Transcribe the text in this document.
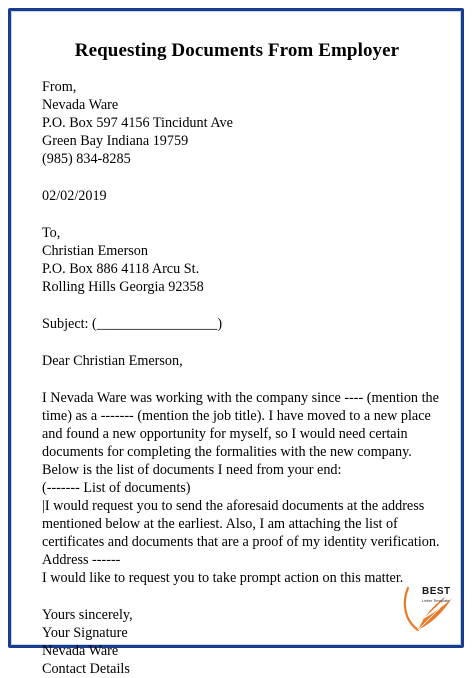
Requesting Documents From Employer
From,
Nevada Ware
P.O. Box 597 4156 Tincidunt Ave
Green Bay Indiana 19759
(985) 834-8285
02/02/2019
To,
Christian Emerson
P.O. Box 886 4118 Arcu St.
Rolling Hills Georgia 92358
Subject: (_________________)
Dear Christian Emerson,
I Nevada Ware was working with the company since ---- (mention the
time) as a ------- (mention the job title). I have moved to a new place
and found a new opportunity for myself, so I would need certain
documents for completing the formalities with the new company.
Below is the list of documents I need from your end:
(------- List of documents)
|I would request you to send the aforesaid documents at the address
mentioned below at the earliest. Also, I am attaching the list of
certificates and documents that are a proof of my identity verification.
Address ------
I would like to request you to take prompt action on this matter.
Yours sincerely,
Your Signature
Nevada Ware
Contact Details
BEST
Letter Template
